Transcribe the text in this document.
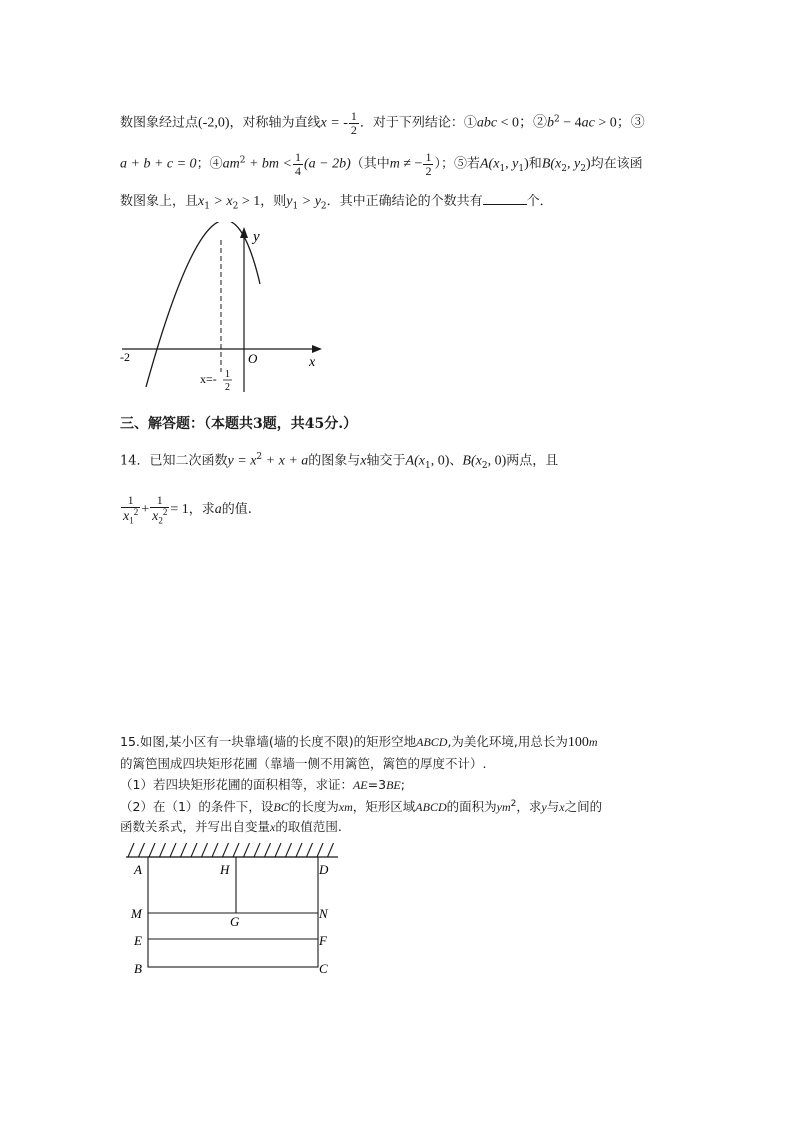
数图象经过点(-2,0)，对称轴为直线x = - $\frac{1}{2}$ ．对于下列结论：①abc < 0；$②b^2 - 4ac > 0$；③
a + b + c = 0；$④am^2$ + bm < $\frac{1}{4} (a - 2b)$（其中m ≠ − $\frac{1}{2}$ ）；⑤若$A(x_1$, $y_1$)和$B(x_2$, $y_2$)均在该函
数图象上，且$x_1 > x_2 > 1$，则$y_1 > y_2$．其中正确结论的个数共有	个．
y
x
O
-2
x=- 1
2
三、解答题：（本题共3题，共45分.）
14．已知二次函数$y = x^2 + x + a$的图象与x轴交于$A(x_1$, 0)、$B(x_2$, 0)两点，且
$\frac{1}{x_1^2} + \frac{1}{x_2^2} = 1$，求a的值.
15.如图,某小区有一块靠墙(墙的长度不限)的矩形空地ABCD,为美化环境,用总长为100m
的篱笆围成四块矩形花圃（靠墙一侧不用篱笆，篱笆的厚度不计）.
（1）若四块矩形花圃的面积相等，求证：AE=3BE;
（2）在（1）的条件下，设BC的长度为xm，矩形区域ABCD的面积为$ym^2$，求y与x之间的
函数关系式，并写出自变量x的取值范围.
A	H	D
M
G
N
E	F
B	C
